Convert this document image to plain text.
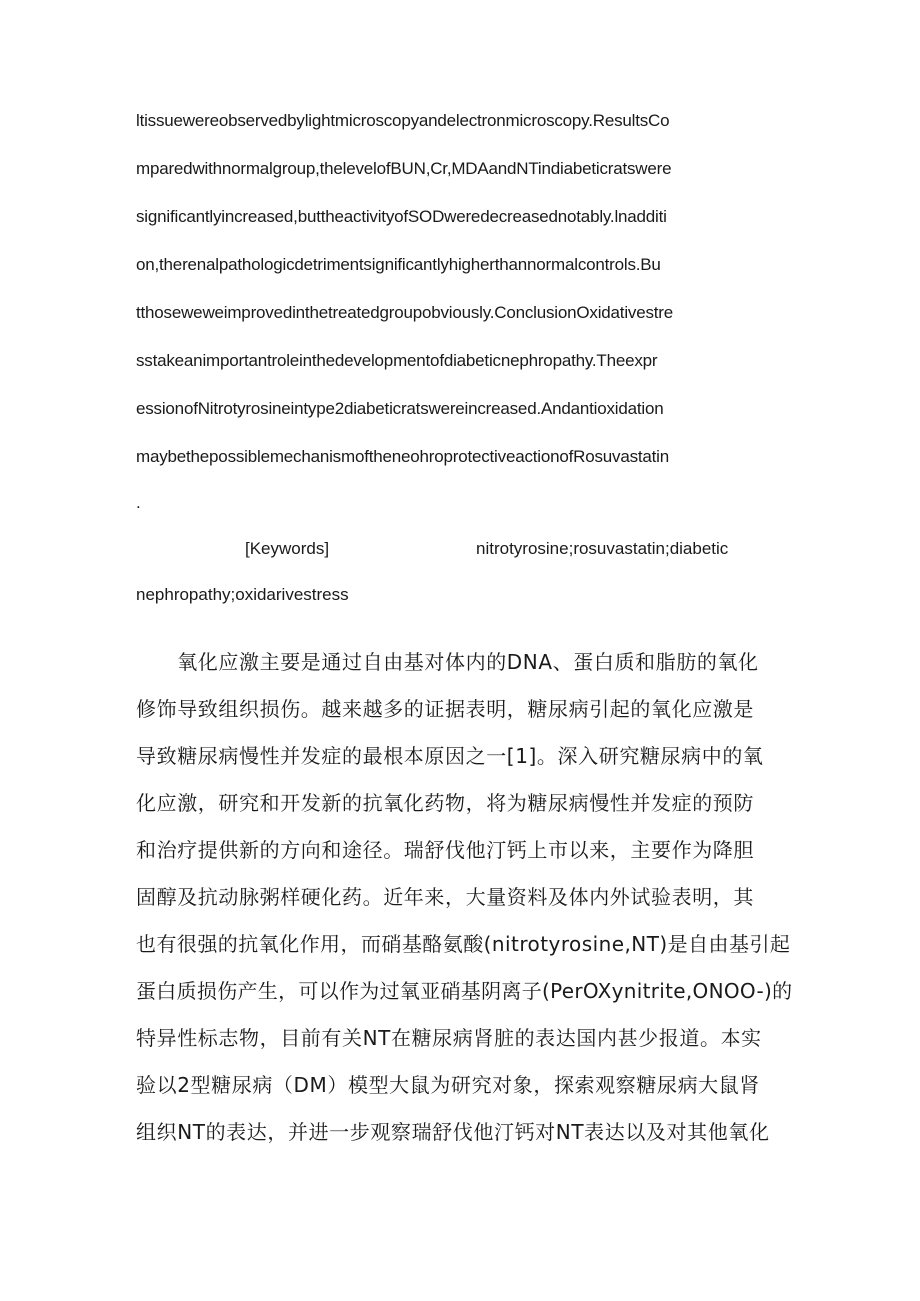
ltissuewereobservedbylightmicroscopyandelectronmicroscopy.ResultsCo
mparedwithnormalgroup,thelevelofBUN,Cr,MDAandNTindiabeticratswere
significantlyincreased,buttheactivityofSODweredecreasednotably.lnadditi
on,therenalpathologicdetrimentsignificantlyhigherthannormalcontrols.Bu
tthoseweweimprovedinthetreatedgroupobviously.ConclusionOxidativestre
sstakeanimportantroleinthedevelopmentofdiabeticnephropathy.Theexpr
essionofNitrotyrosineintype2diabeticratswereincreased.Andantioxidation
maybethepossiblemechanismoftheneohroprotectiveactionofRosuvastatin
.
[Keywords]	nitrotyrosine;rosuvastatin;diabetic
nephropathy;oxidarivestress
　　氧化应激主要是通过自由基对体内的DNA、蛋白质和脂肪的氧化
修饰导致组织损伤。越来越多的证据表明，糖尿病引起的氧化应激是
导致糖尿病慢性并发症的最根本原因之一[1]。深入研究糖尿病中的氧
化应激，研究和开发新的抗氧化药物，将为糖尿病慢性并发症的预防
和治疗提供新的方向和途径。瑞舒伐他汀钙上市以来，主要作为降胆
固醇及抗动脉粥样硬化药。近年来，大量资料及体内外试验表明，其
也有很强的抗氧化作用，而硝基酪氨酸(nitrotyrosine,NT)是自由基引起
蛋白质损伤产生，可以作为过氧亚硝基阴离子(PerOXynitrite,ONOO-)的
特异性标志物，目前有关NT在糖尿病肾脏的表达国内甚少报道。本实
验以2型糖尿病（DM）模型大鼠为研究对象，探索观察糖尿病大鼠肾
组织NT的表达，并进一步观察瑞舒伐他汀钙对NT表达以及对其他氧化
